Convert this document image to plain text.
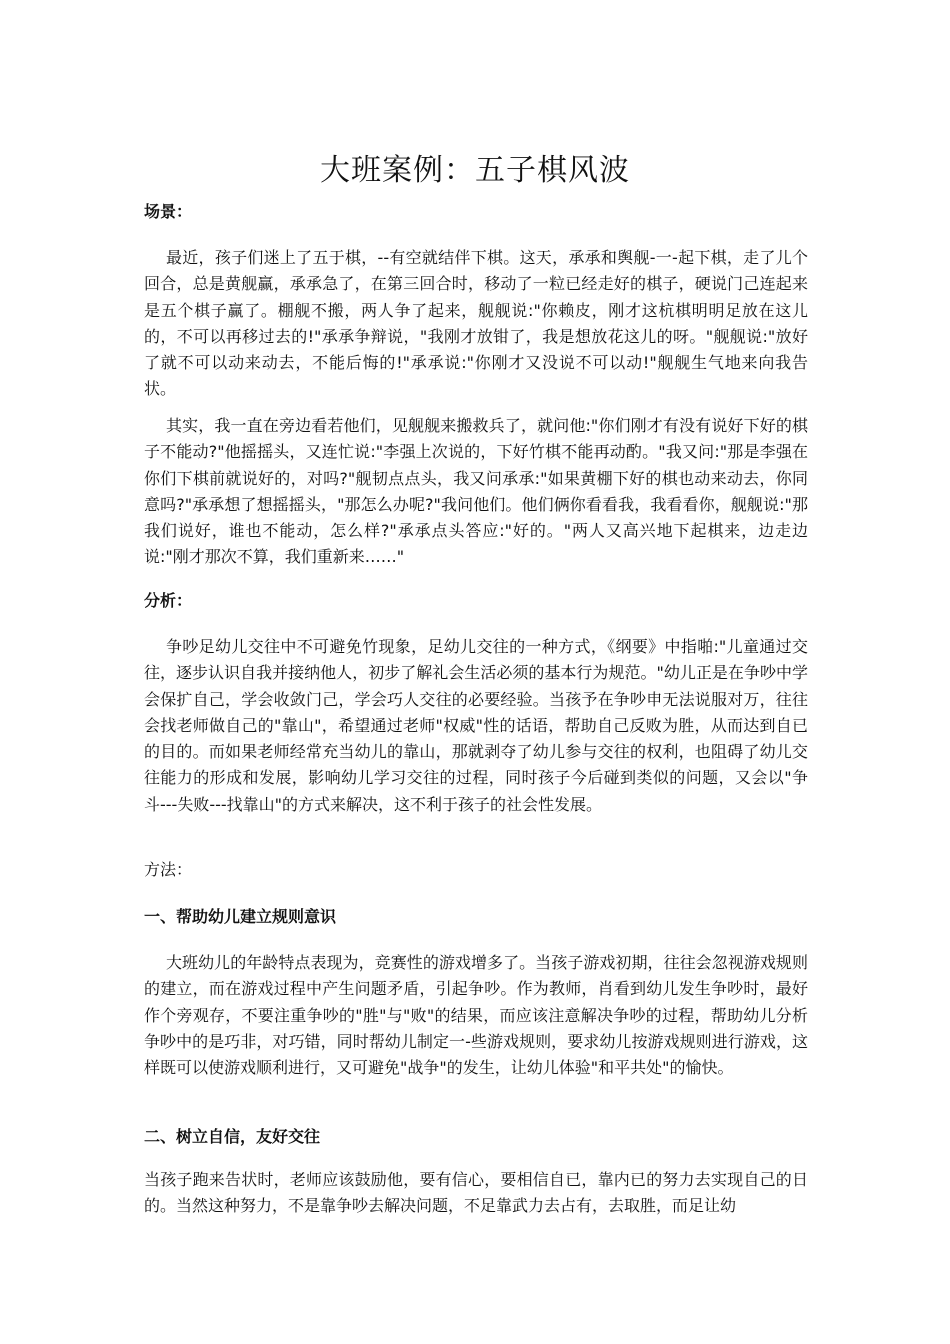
大班案例：五子棋风波
场景：

最近，孩子们迷上了五于棋，--有空就结伴下棋。这天，承承和舆舰-一-起下棋，走了儿个回合，总是黄舰赢，承承急了，在第三回合时，移动了一粒已经走好的棋子，硬说门己连起来是五个棋子赢了。棚舰不搬，两人争了起来，舰舰说:"你赖皮，刚才这杭棋明明足放在这儿的，不可以再移过去的!"承承争辩说，"我刚才放钳了，我是想放花这儿的呀。"舰舰说:"放好了就不可以动来动去，不能后悔的!"承承说:"你刚才又没说不可以动!"舰舰生气地来向我告状。

其实，我一直在旁边看若他们，见舰舰来搬救兵了，就问他:"你们刚才有没有说好下好的棋子不能动?"他摇摇头，又连忙说:"李强上次说的，下好竹棋不能再动酌。"我又问:"那是李强在你们下棋前就说好的，对吗?"舰韧点点头，我又问承承:"如果黄棚下好的棋也动来动去，你同意吗?"承承想了想摇摇头，"那怎么办呢?"我问他们。他们俩你看看我，我看看你，舰舰说:"那我们说好，谁也不能动，怎么样?"承承点头答应:"好的。"两人又高兴地下起棋来，边走边说:"刚才那次不算，我们重新来……"

分析：

争吵足幼儿交往中不可避免竹现象，足幼儿交往的一种方式，《纲要》中指啪:"儿童通过交往，逐步认识自我并接纳他人，初步了解礼会生活必须的基本行为规范。"幼儿正是在争吵中学会保扩自己，学会收敛门己，学会巧人交往的必要经验。当孩予在争吵申无法说服对万，往往会找老师做自己的"靠山"，希望通过老师"权威"性的话语，帮助自己反败为胜，从而达到自已的目的。而如果老师经常充当幼儿的靠山，那就剥夺了幼儿参与交往的权利，也阻碍了幼儿交往能力的形成和发展，影响幼儿学习交往的过程，同时孩子今后碰到类似的问题，又会以"争斗---失败---找靠山"的方式来解决，这不利于孩子的社会性发展。

方法：
一、帮助幼儿建立规则意识

大班幼儿的年龄特点表现为，竞赛性的游戏增多了。当孩子游戏初期，往往会忽视游戏规则的建立，而在游戏过程中产生问题矛盾，引起争吵。作为教师，肖看到幼儿发生争吵时，最好作个旁观存，不要注重争吵的"胜"与"败"的结果，而应该注意解决争吵的过程，帮助幼儿分析争吵中的是巧非，对巧错，同时帮幼儿制定一-些游戏规则，要求幼儿按游戏规则进行游戏，这样既可以使游戏顺利进行，又可避免"战争"的发生，让幼儿体验"和平共处"的愉快。

二、树立自信，友好交往

当孩子跑来告状时，老师应该鼓励他，要有信心，要相信自已，靠内已的努力去实现自己的日的。当然这种努力，不是靠争吵去解决问题，不足靠武力去占有，去取胜，而足让幼
